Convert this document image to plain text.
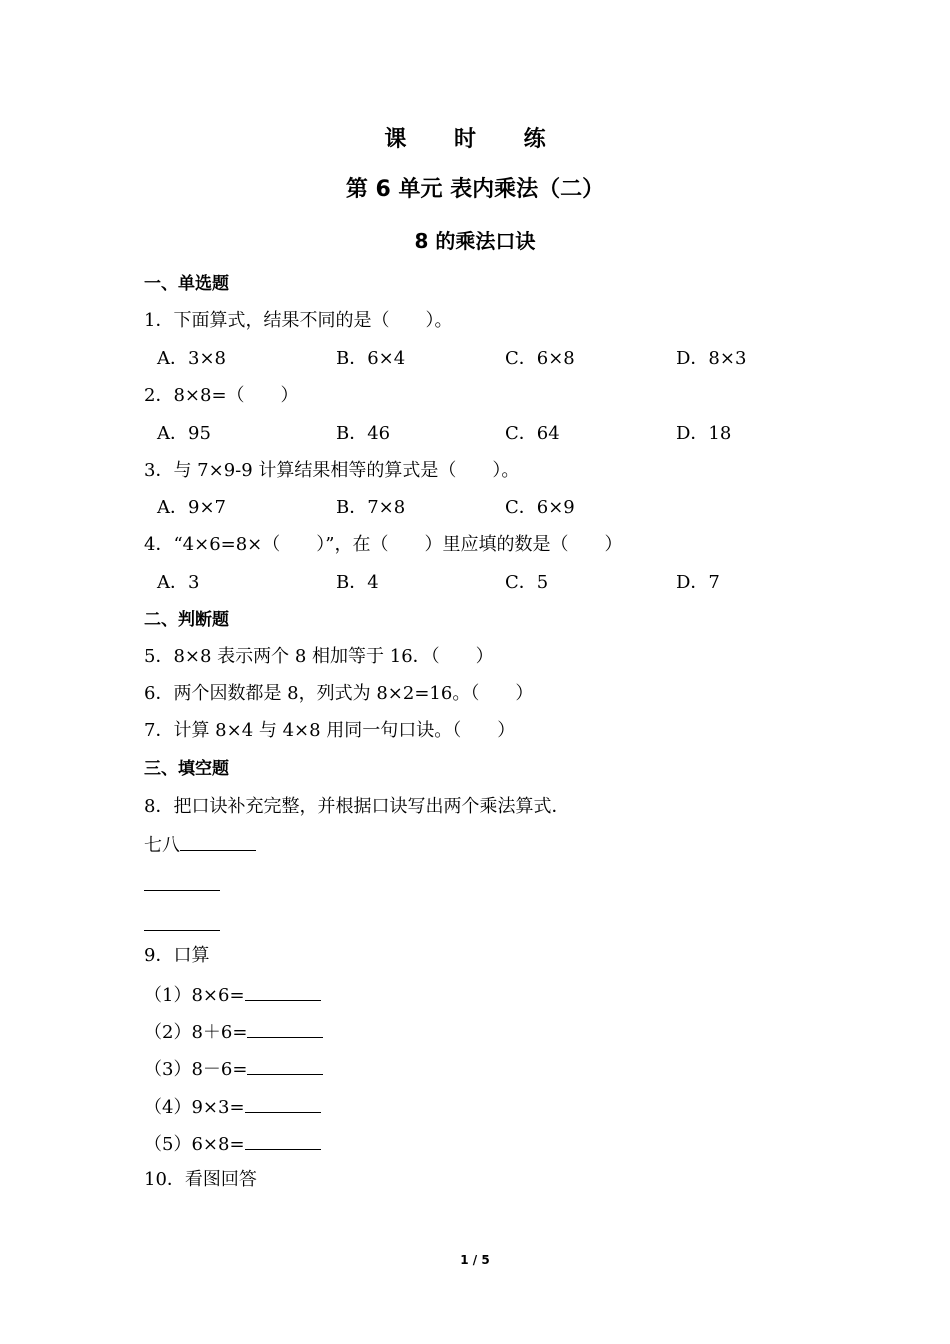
课 时 练
第 6 单元 表内乘法（二）
8 的乘法口诀
一、单选题
1．下面算式，结果不同的是（　　）。
A．3×8	B．6×4	C．6×8	D．8×3
2．8×8=（　　）
A．95	B．46	C．64	D．18
3．与 7×9-9 计算结果相等的算式是（　　）。
A．9×7	B．7×8	C．6×9
4．“4×6=8×（　　）”，在（　　）里应填的数是（　　）
A．3	B．4	C．5	D．7
二、判断题
5．8×8 表示两个 8 相加等于 16．（　　）
6．两个因数都是 8，列式为 8×2=16。（　　）
7．计算 8×4 与 4×8 用同一句口诀。（　　）
三、填空题
8．把口诀补充完整，并根据口诀写出两个乘法算式．
七八
9．口算
（1）8×6=
（2）8＋6=
（3）8－6=
（4）9×3=
（5）6×8=
10．看图回答
1 / 5
